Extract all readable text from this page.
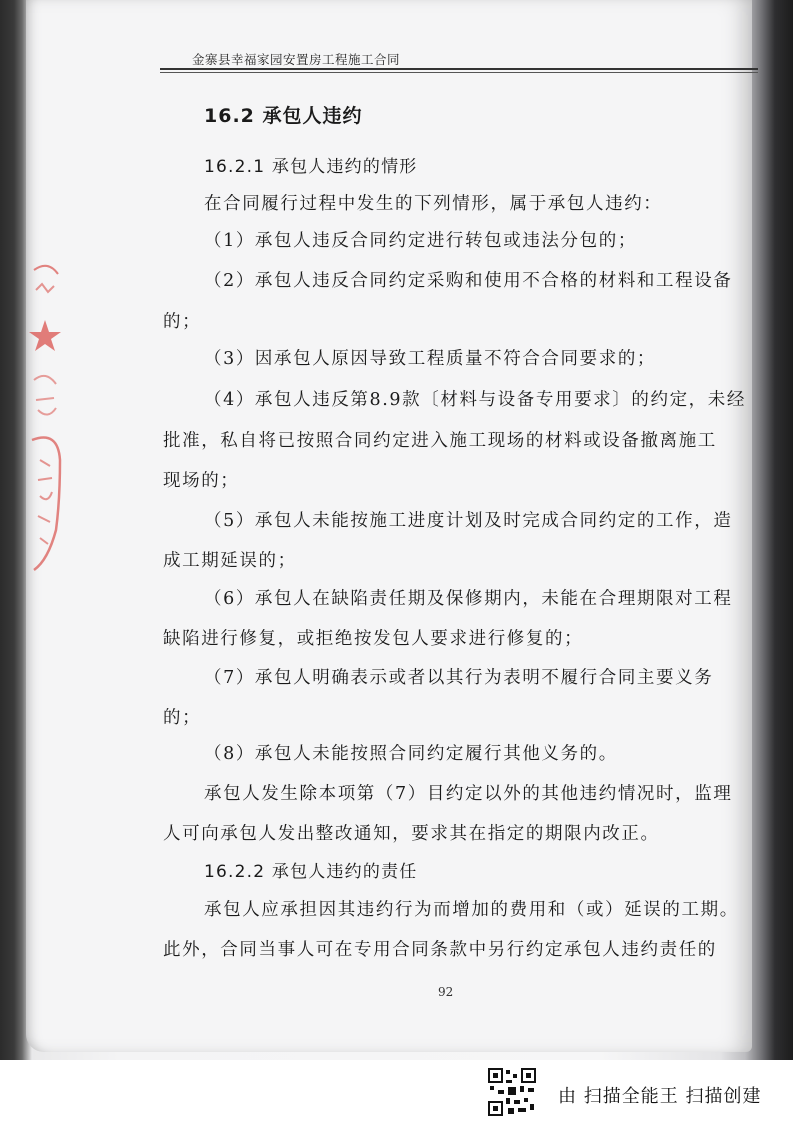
金寨县幸福家园安置房工程施工合同
16.2 承包人违约
16.2.1 承包人违约的情形
在合同履行过程中发生的下列情形，属于承包人违约：
（1）承包人违反合同约定进行转包或违法分包的；
（2）承包人违反合同约定采购和使用不合格的材料和工程设备
的；
（3）因承包人原因导致工程质量不符合合同要求的；
（4）承包人违反第8.9款〔材料与设备专用要求〕的约定，未经
批准，私自将已按照合同约定进入施工现场的材料或设备撤离施工
现场的；
（5）承包人未能按施工进度计划及时完成合同约定的工作，造
成工期延误的；
（6）承包人在缺陷责任期及保修期内，未能在合理期限对工程
缺陷进行修复，或拒绝按发包人要求进行修复的；
（7）承包人明确表示或者以其行为表明不履行合同主要义务
的；
（8）承包人未能按照合同约定履行其他义务的。
承包人发生除本项第（7）目约定以外的其他违约情况时，监理
人可向承包人发出整改通知，要求其在指定的期限内改正。
16.2.2 承包人违约的责任
承包人应承担因其违约行为而增加的费用和（或）延误的工期。
此外，合同当事人可在专用合同条款中另行约定承包人违约责任的
92
由 扫描全能王 扫描创建
